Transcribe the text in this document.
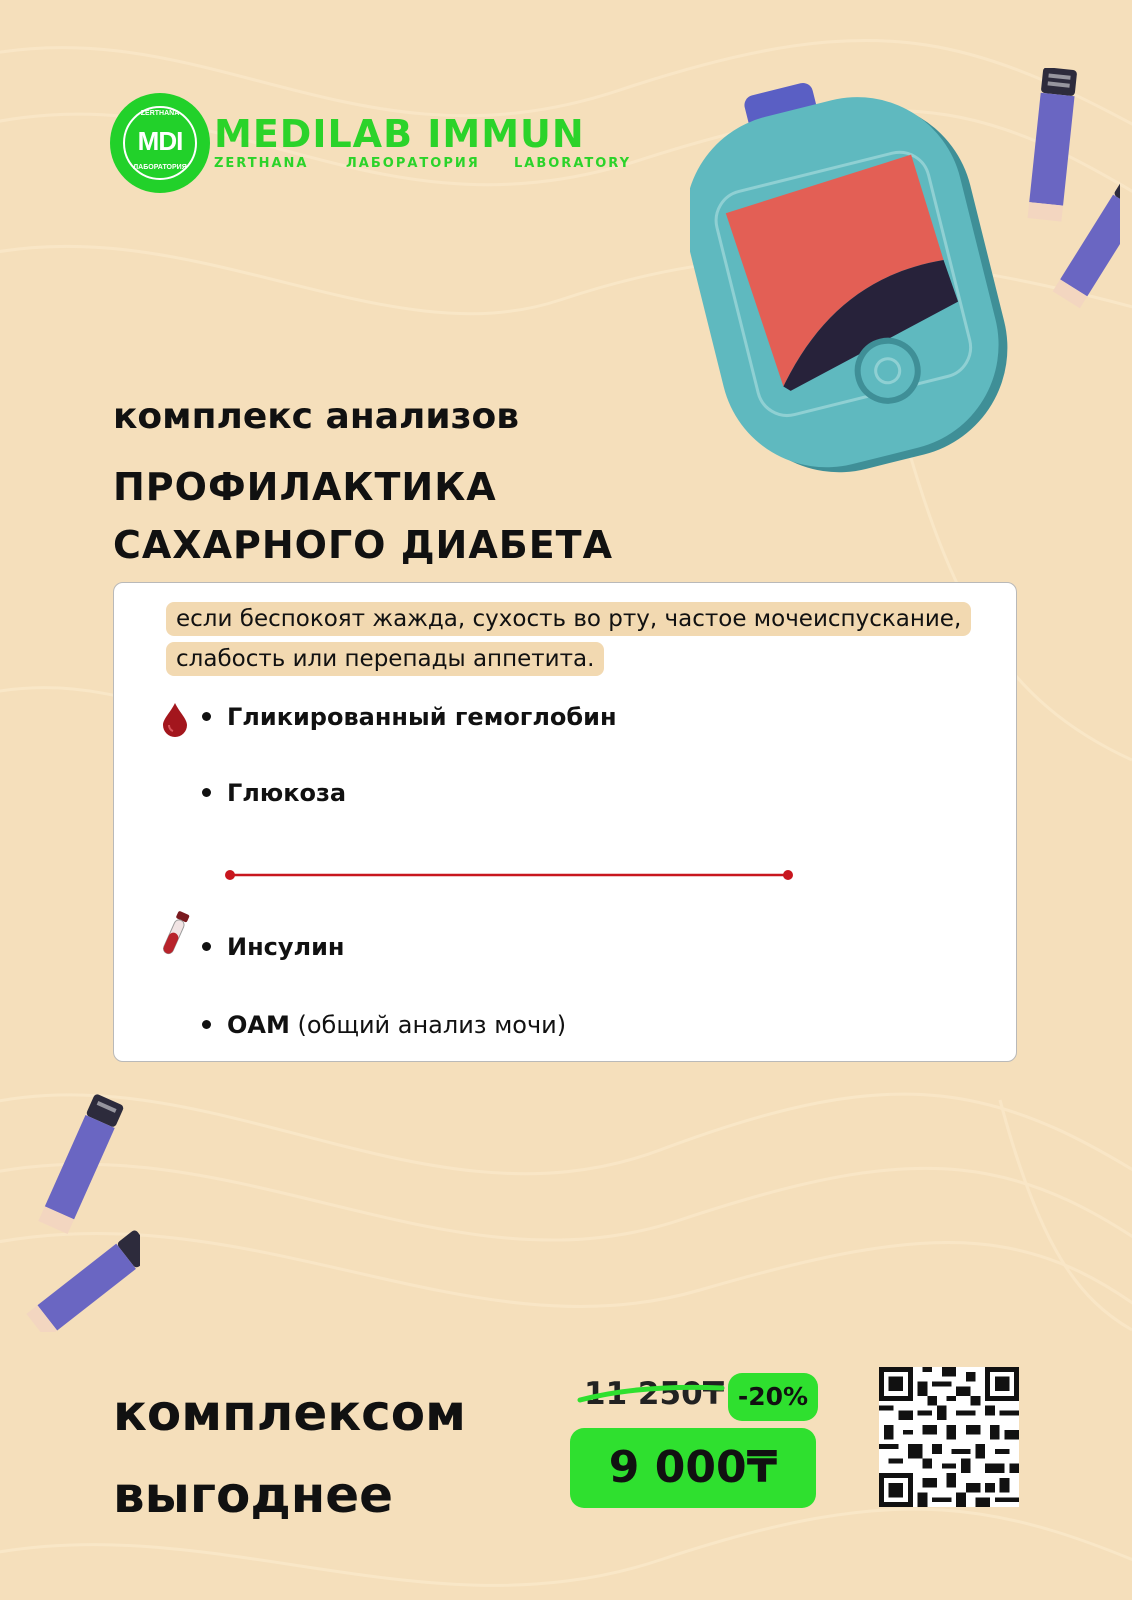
ZERTHANA
MDI
ЛАБОРАТОРИЯ
MEDILAB IMMUN
ZERTHANA	ЛАБОРАТОРИЯ	LABORATORY
комплекс анализов
ПРОФИЛАКТИКА
САХАРНОГО ДИАБЕТА
если беспокоят жажда, сухость во рту, частое мочеиспускание, слабость или перепады аппетита.
Гликированный гемоглобин
Глюкоза
Инсулин
ОАМ (общий анализ мочи)
комплексом
выгоднее
11 250₸ -20%
9 000₸
